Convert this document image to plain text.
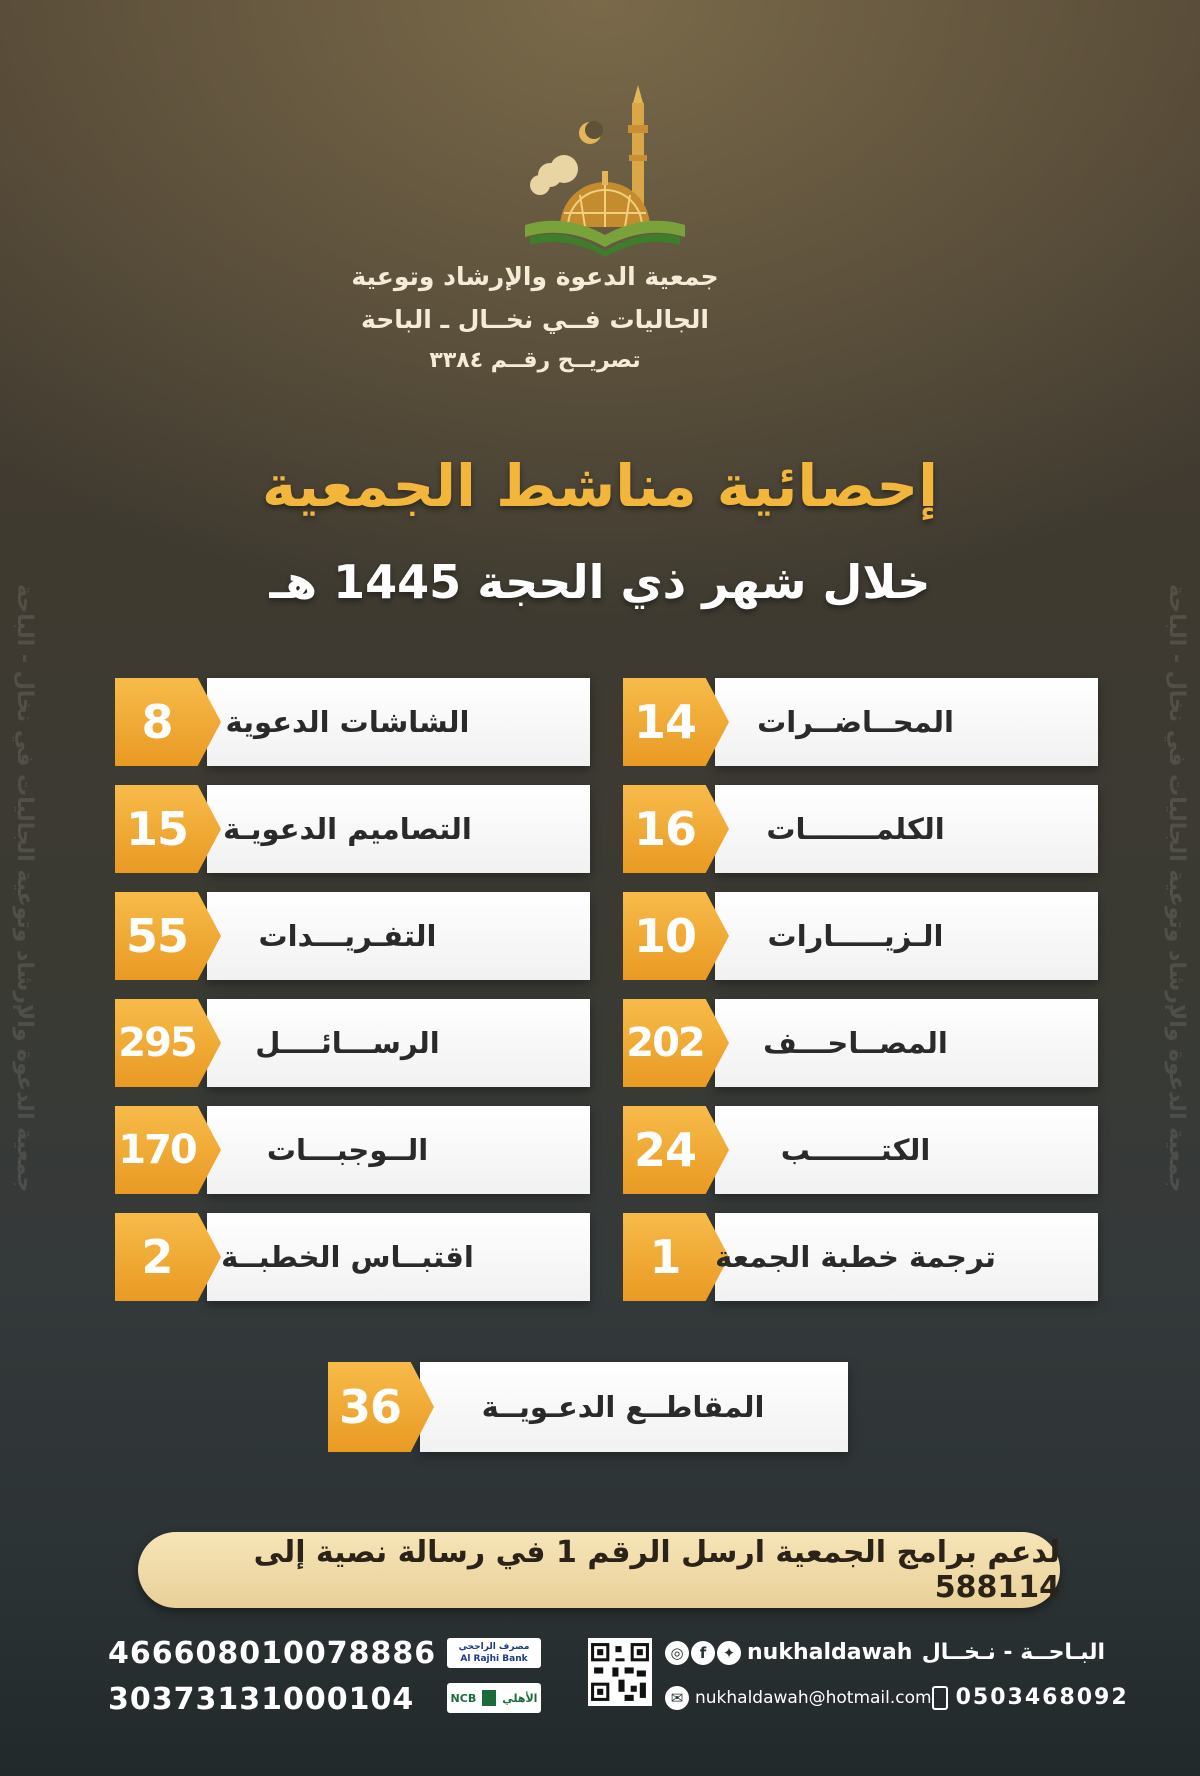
جمعية الدعوة والإرشاد وتوعية الجاليات في نخال - الباحة	جمعية الدعوة والإرشاد وتوعية الجاليات في نخال - الباحة
جمعية الدعوة والإرشاد وتوعية
الجاليات فــي نخــال ـ الباحة
تصريــح رقــم ٣٣٨٤
إحصائية مناشط الجمعية
خلال شهر ذي الحجة 1445 هـ
المحــاضــرات
14
الكلمـــــــات
16
الـزيـــــارات
10
المصــاحـــف
202
الكتـــــــب
24
ترجمة خطبة الجمعة
1
الشاشات الدعوية
8
التصاميم الدعويـة
15
التفـريـــدات
55
الرســـائــــل
295
الــوجبـــات
170
اقتبــاس الخطبــة
2
المقاطــع الدعـويــة
36
لدعم برامج الجمعية ارسل الرقم 1 في رسالة نصية إلى 588114
466608010078886 مصرف الراجحي
Al Rajhi Bank
30373131000104	NCB الأهلي
◎	f	✦ nukhaldawah البـاحــة - نـخــال
✉ nukhaldawah@hotmail.com 0503468092
